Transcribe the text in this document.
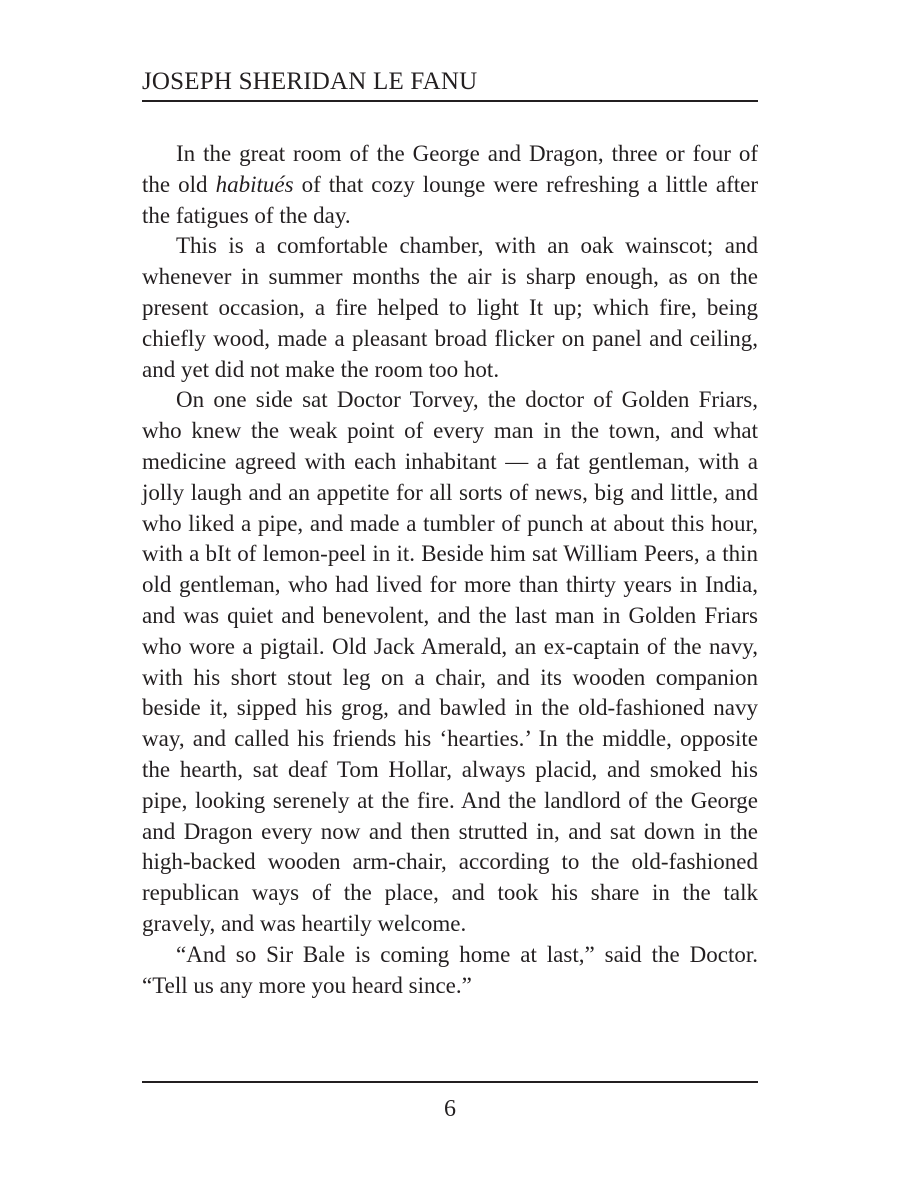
JOSEPH SHERIDAN LE FANU

In the great room of the George and Dragon, three or four of the old habitués of that cozy lounge were refreshing a little after the fatigues of the day.

This is a comfortable chamber, with an oak wainscot; and whenever in summer months the air is sharp enough, as on the present occasion, a fire helped to light It up; which fire, being chiefly wood, made a pleasant broad flicker on panel and ceiling, and yet did not make the room too hot.

On one side sat Doctor Torvey, the doctor of Golden Friars, who knew the weak point of every man in the town, and what medicine agreed with each inhabitant — a fat gentleman, with a jolly laugh and an appetite for all sorts of news, big and little, and who liked a pipe, and made a tumbler of punch at about this hour, with a bIt of lemon-peel in it. Beside him sat William Peers, a thin old gentleman, who had lived for more than thirty years in India, and was quiet and benevolent, and the last man in Golden Friars who wore a pigtail. Old Jack Amerald, an ex-captain of the navy, with his short stout leg on a chair, and its wooden companion beside it, sipped his grog, and bawled in the old-fashioned navy way, and called his friends his ‘hearties.’ In the middle, opposite the hearth, sat deaf Tom Hollar, always placid, and smoked his pipe, looking serenely at the fire. And the landlord of the George and Dragon every now and then strutted in, and sat down in the high-backed wooden arm-chair, according to the old-fashioned republican ways of the place, and took his share in the talk gravely, and was heartily welcome.

“And so Sir Bale is coming home at last,” said the Doctor. “Tell us any more you heard since.”

6
